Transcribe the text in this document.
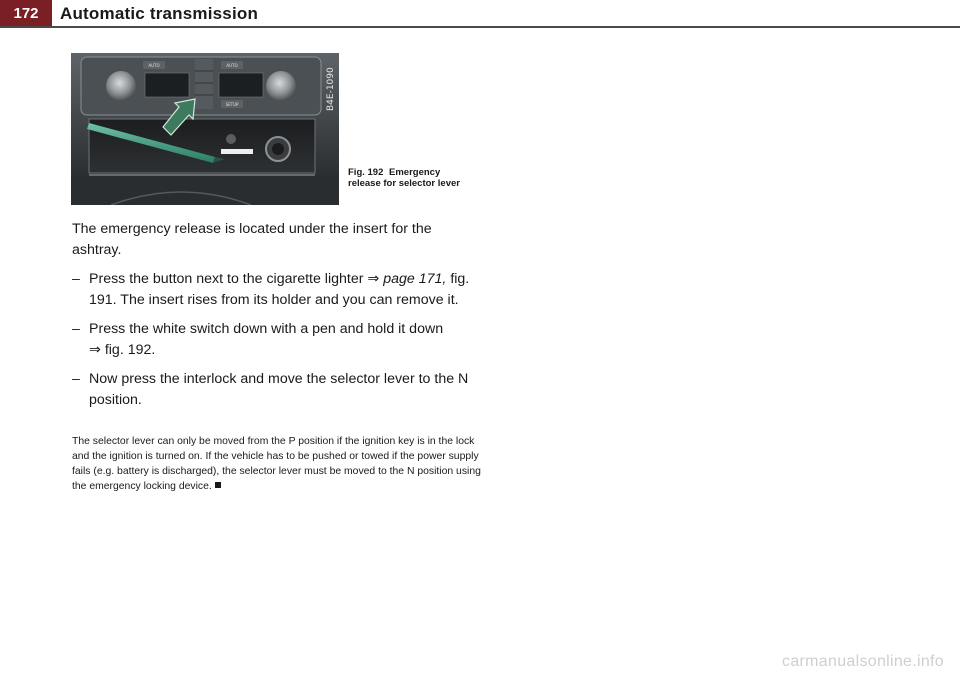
172 Automatic transmission
AUTO	AUTO
SETUP	B4E-1090
Fig. 192 Emergency release for selector lever

The emergency release is located under the insert for the ashtray.

– Press the button next to the cigarette lighter ⇒ page 171, fig. 191. The insert rises from its holder and you can remove it.
– Press the white switch down with a pen and hold it down
⇒ fig. 192.
– Now press the interlock and move the selector lever to the N position.
The selector lever can only be moved from the P position if the ignition key is in the lock and the ignition is turned on. If the vehicle has to be pushed or towed if the power supply fails (e.g. battery is discharged), the selector lever must be moved to the N position using the emergency locking device.
carmanualsonline.info
